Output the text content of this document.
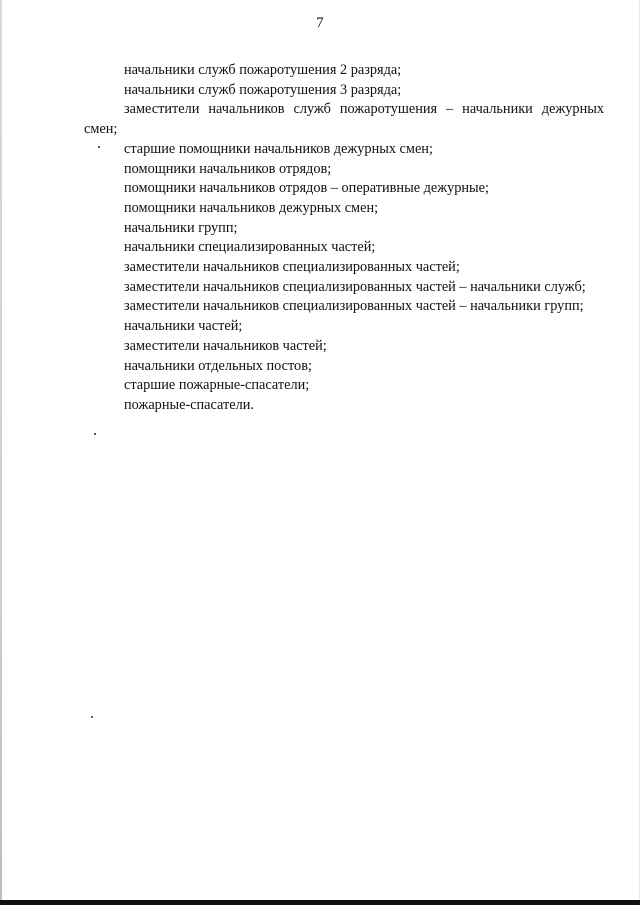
7

начальники служб пожаротушения 2 разряда;

начальники служб пожаротушения 3 разряда;

заместители начальников служб пожаротушения – начальники дежурных смен;

старшие помощники начальников дежурных смен;

помощники начальников отрядов;

помощники начальников отрядов – оперативные дежурные;

помощники начальников дежурных смен;

начальники групп;

начальники специализированных частей;

заместители начальников специализированных частей;

заместители начальников специализированных частей – начальники служб;

заместители начальников специализированных частей – начальники групп;

начальники частей;

заместители начальников частей;

начальники отдельных постов;

старшие пожарные-спасатели;

пожарные-спасатели.
